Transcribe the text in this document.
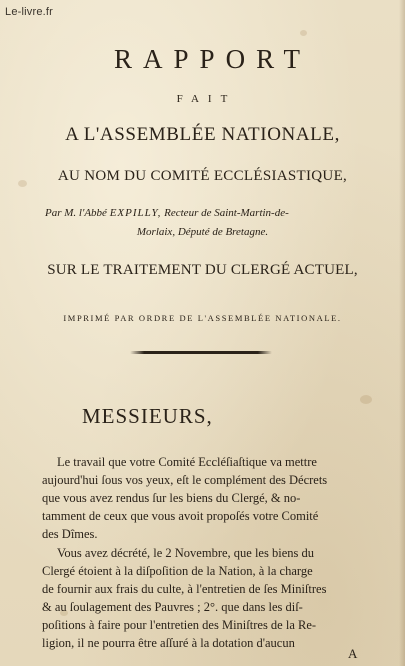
Le-livre.fr
RAPPORT
FAIT
A L'ASSEMBLÉE NATIONALE,
AU NOM DU COMITÉ ECCLÉSIASTIQUE,
Par M. l'Abbé EXPILLY, Recteur de Saint-Martin-de-
Morlaix, Député de Bretagne.
SUR LE TRAITEMENT DU CLERGÉ ACTUEL,
IMPRIMÉ PAR ORDRE DE L'ASSEMBLÉE NATIONALE.
MESSIEURS,
Le travail que votre Comité Eccléſiaſtique va mettre
aujourd'hui ſous vos yeux, eſt le complément des Décrets
que vous avez rendus ſur les biens du Clergé, & no-
tamment de ceux que vous avoit propoſés votre Comité
des Dîmes.
Vous avez décrété, le 2 Novembre, que les biens du
Clergé étoient à la diſpoſition de la Nation, à la charge
de fournir aux frais du culte, à l'entretien de ſes Miniſtres
& au ſoulagement des Pauvres ; 2°. que dans les diſ-
poſitions à faire pour l'entretien des Miniſtres de la Re-
ligion, il ne pourra être aſſuré à la dotation d'aucun
A
